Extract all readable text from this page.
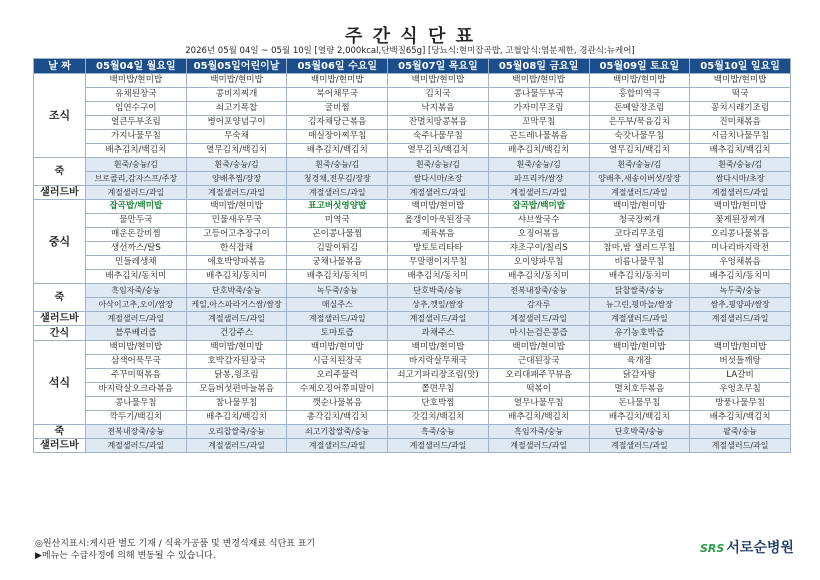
주 간 식 단 표
2026년 05월 04일 ~ 05월 10일 [열량 2,000kcal,단백질65g] [당뇨식:현미잡곡밥, 고혈압식:염분제한, 경관식:뉴케어]
날 짜	05월04일 월요일	05월05일어린이날	05월06일 수요일	05월07일 목요일	05월08일 금요일	05월09일 토요일	05월10일 일요일
조식	백미밥/현미밥	백미밥/현미밥	백미밥/현미밥	백미밥/현미밥	백미밥/현미밥	백미밥/현미밥	백미밥/현미밥
	유채된장국	콩비지찌개	북어채무국	김치국	콩나물두부국	홍합미역국	떡국
	임연수구이	쇠고기폭찹	굴비찜	낙지볶음	가자미무조림	돈메알장조림	꽁치시래기조림
	얼큰두부조림	병어포양념구이	김자채당근볶음	잔멸치땅콩볶음	꼬막무침	은두부/묵음김치	진미채볶음
	가지나물무침	무숙채	매실장아찌무침	숙주나물무침	곤드레나물볶음	숙갓나물무침	시금치나물무침
	배추김치/백김치	열무김치/백김치	배추김치/백김치	열무김치/백김치	배추김치/백김치	열무김치/백김치	배추김치/백김치
죽	흰죽/숭늉/김	흰죽/숭늉/김	흰죽/숭늉/김	흰죽/숭늉/김	흰죽/숭늉/김	흰죽/숭늉/김	흰죽/숭늉/김
	브로콜리,감자스프/주장	양배추찜/장장	청경채,전무김/장장	쌈다시마/초장	파프리카/쌈장	양배추,새송이버섯/장장	쌈다시마/초장
샐러드바	계절샐러드/과일	계절샐러드/과일	계절샐러드/과일	계절샐러드/과일	계절샐러드/과일	계절샐러드/과일	계절샐러드/과일
중식	잡곡밥/백미밥	백미밥/현미밥	표고버섯영양밥	백미밥/현미밥	잡곡밥/백미밥	백미밥/현미밥	백미밥/현미밥
	물만두국	민물새우무국	미역국	올갱이아욱된장국	샤브쌀국수	청국장찌개	꽃게된장찌개
	매운돈갈비찜	고등어고추장구이	곤이콩나물찜	제육볶음	오징어볶음	코다리무조림	오리콩나물볶음
	생선까스/탈S	한식잡채	김말이튀김	방토토리타타	쟈조구이/칠리S	참마,밤 샐러드무침	미나리바지락전
	민들레생채	애호박양파볶음	궁채나물볶음	무말랭이지무침	오이양파무침	비름나물무침	우엉채볶음
	배추김치/동치미	배추김치/동치미	배추김치/동치미	배추김치/동치미	배추김치/동치미	배추김치/동치미	배추김치/동치미
죽	흑임자죽/숭늉	단호박죽/숭늉	녹두죽/숭늉	단호박죽/숭늉	전복내장죽/숭늉	닭찹쌀죽/숭늉	녹두죽/숭늉
	아삭이고추,오이/쌈장	케일,아스파라거스쌈/쌈장	매실주스	상추,깻잎/쌈장	감자루	뉴그린,핑마늘/쌈장	쌈추,핑양파/쌈장
샐러드바	계절샐러드/과일	계절샐러드/과일	계절샐러드/과일	계절샐러드/과일	계절샐러드/과일	계절샐러드/과일	계절샐러드/과일
간식	블루베리즙	건강주스	토마토즙	과채주스	마시는검은콩즙	유기농호박즙	
석식	백미밥/현미밥	백미밥/현미밥	백미밥/현미밥	백미밥/현미밥	백미밥/현미밥	백미밥/현미밥	백미밥/현미밥
	삼색어묵무국	호박감자된장국	시금치된장국	바지락살무채국	근대된장국	육개장	버섯들깨탕
	주꾸미떡볶음	닭봉,윙조림	오리주물럭	쇠고기파리장조림(맛)	오리대패주꾸뷰음	닭감자탕	LA갈비
	바지락살오크라볶음	모듬버섯편마늘볶음	수제오징어쮸피말이	쫄면무침	떡볶이	멸치호두볶음	우엉초무침
	콩나물무침	참나물무침	깻순나물볶음	단호박찜	열무나물무침	돈나물무침	방풍나물무침
	깍두기/백김치	배추김치/백김치	총각김치/백김치	갓김치/백김치	배추김치/백김치	배추김치/백김치	배추김치/백김치
죽	전복내장죽/숭늉	오리찹쌀죽/숭늉	쇠고기찹쌀죽/숭늉	흑죽/숭늉	흑임자죽/숭늉	단호박죽/숭늉	팥죽/숭늉
샐러드바	계절샐러드/과일	계절샐러드/과일	계절샐러드/과일	계절샐러드/과일	계절샐러드/과일	계절샐러드/과일	계절샐러드/과일
◎원산지표시:게시판 별도 기재 / 식육가공품 및 변경식재료 식단표 표기
▶메뉴는 수급사정에 의해 변동될 수 있습니다.
SRS 서로순병원
